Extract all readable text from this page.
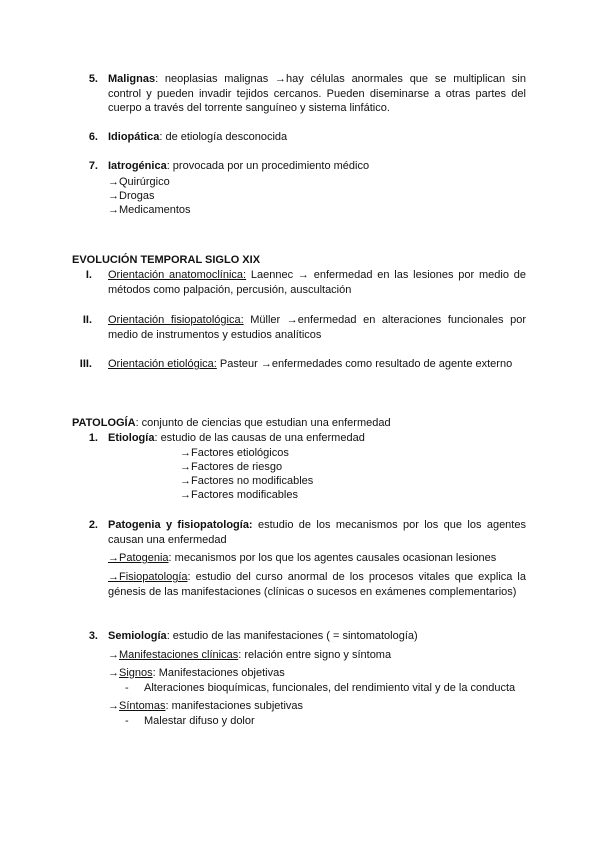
5. Malignas: neoplasias malignas →hay células anormales que se multiplican sin control y pueden invadir tejidos cercanos. Pueden diseminarse a otras partes del cuerpo a través del torrente sanguíneo y sistema linfático.
6. Idiopática: de etiología desconocida
7. Iatrogénica: provocada por un procedimiento médico
→Quirúrgico
→Drogas
→Medicamentos
EVOLUCIÓN TEMPORAL SIGLO XIX
I. Orientación anatomoclínica: Laennec → enfermedad en las lesiones por medio de métodos como palpación, percusión, auscultación
II. Orientación fisiopatológica: Müller →enfermedad en alteraciones funcionales por medio de instrumentos y estudios analíticos
III. Orientación etiológica: Pasteur →enfermedades como resultado de agente externo
PATOLOGÍA: conjunto de ciencias que estudian una enfermedad
1. Etiología: estudio de las causas de una enfermedad
→Factores etiológicos
→Factores de riesgo
→Factores no modificables
→Factores modificables
2. Patogenia y fisiopatología: estudio de los mecanismos por los que los agentes causan una enfermedad
→Patogenia: mecanismos por los que los agentes causales ocasionan lesiones
→Fisiopatología: estudio del curso anormal de los procesos vitales que explica la génesis de las manifestaciones (clínicas o sucesos en exámenes complementarios)
3. Semiología: estudio de las manifestaciones ( = sintomatología)
→Manifestaciones clínicas: relación entre signo y síntoma
→Signos: Manifestaciones objetivas
- Alteraciones bioquímicas, funcionales, del rendimiento vital y de la conducta
→Síntomas: manifestaciones subjetivas
- Malestar difuso y dolor
